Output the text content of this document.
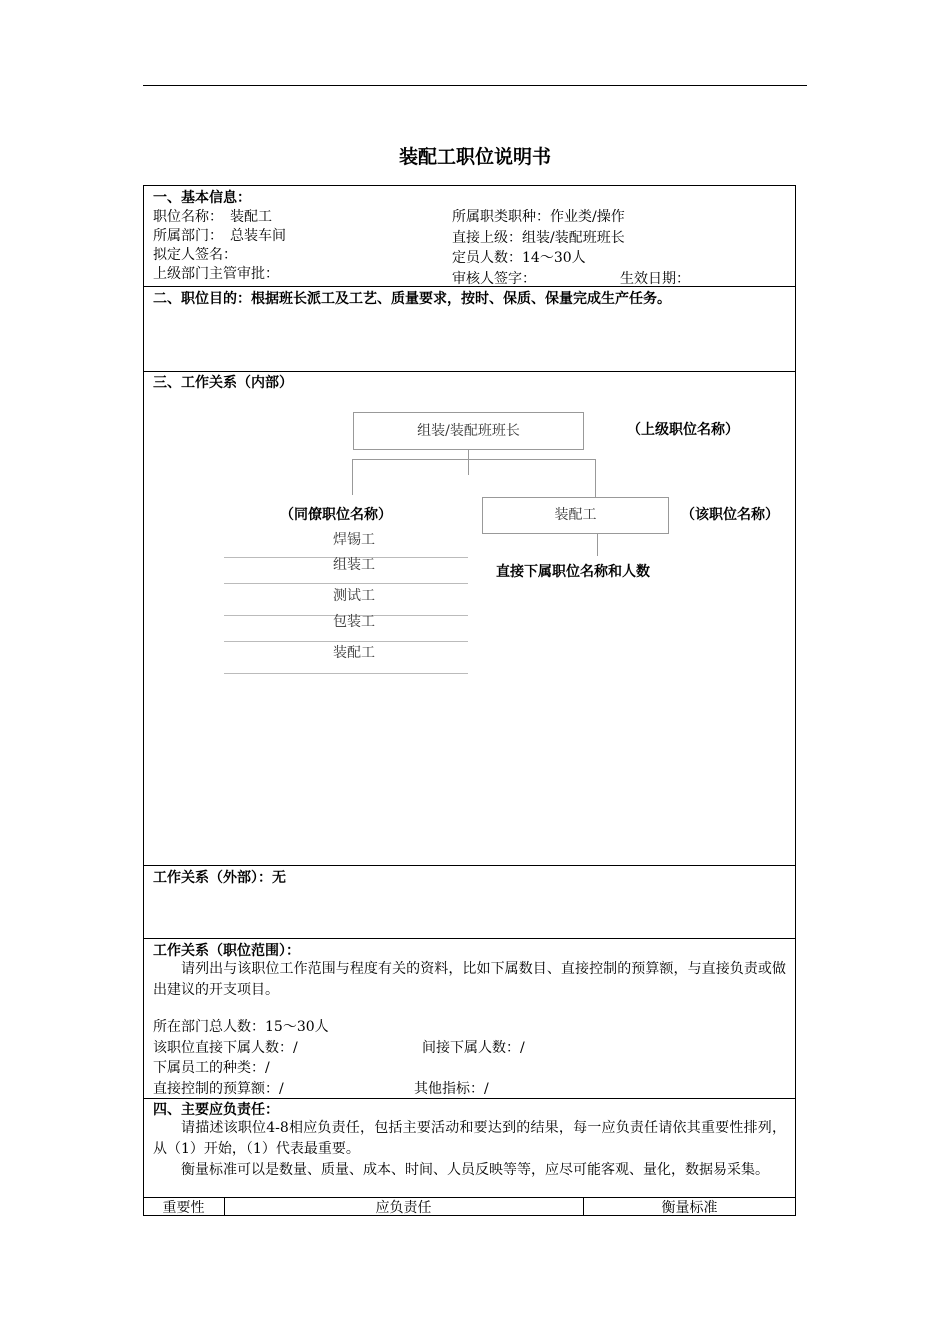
装配工职位说明书
一、基本信息：
职位名称：　装配工
所属部门：　总装车间
拟定人签名：
上级部门主管审批：
所属职类职种：作业类/操作
直接上级：组装/装配班班长
定员人数：14～30人
审核人签字：	生效日期：
二、职位目的：根据班长派工及工艺、质量要求，按时、保质、保量完成生产任务。
三、工作关系（内部）
组装/装配班班长	（上级职位名称）
装配工	（该职位名称）
直接下属职位名称和人数
（同僚职位名称）
焊锡工
组装工
测试工
包装工
装配工
工作关系（外部）：无
工作关系（职位范围）：
请列出与该职位工作范围与程度有关的资料，比如下属数目、直接控制的预算额，与直接负责或做出建议的开支项目。
所在部门总人数：15～30人
该职位直接下属人数：/	间接下属人数：/
下属员工的种类：/
直接控制的预算额：/	其他指标：/
四、主要应负责任：
请描述该职位4-8相应负责任，包括主要活动和要达到的结果，每一应负责任请依其重要性排列，从（1）开始，（1）代表最重要。
衡量标准可以是数量、质量、成本、时间、人员反映等等，应尽可能客观、量化，数据易采集。
重要性	应负责任	衡量标准
